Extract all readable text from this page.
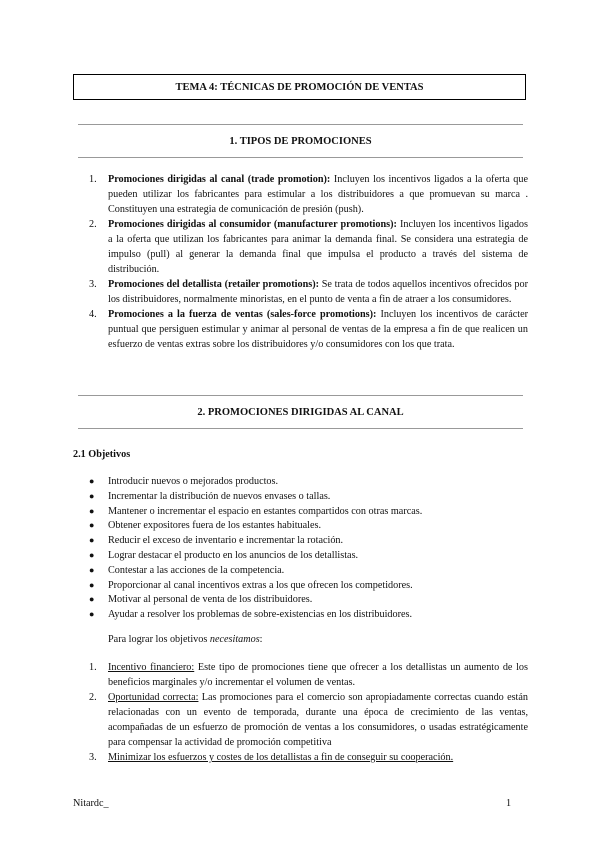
TEMA 4: TÉCNICAS DE PROMOCIÓN DE VENTAS
1. TIPOS DE PROMOCIONES
1. Promociones dirigidas al canal (trade promotion): Incluyen los incentivos ligados a la oferta que pueden utilizar los fabricantes para estimular a los distribuidores a que promuevan su marca . Constituyen una estrategia de comunicación de presión (push).
2. Promociones dirigidas al consumidor (manufacturer promotions): Incluyen los incentivos ligados a la oferta que utilizan los fabricantes para animar la demanda final. Se considera una estrategia de impulso (pull) al generar la demanda final que impulsa el producto a través del sistema de distribución.
3. Promociones del detallista (retailer promotions): Se trata de todos aquellos incentivos ofrecidos por los distribuidores, normalmente minoristas, en el punto de venta a fin de atraer a los consumidores.
4. Promociones a la fuerza de ventas (sales-force promotions): Incluyen los incentivos de carácter puntual que persiguen estimular y animar al personal de ventas de la empresa a fin de que realicen un esfuerzo de ventas extras sobre los distribuidores y/o consumidores con los que trata.
2. PROMOCIONES DIRIGIDAS AL CANAL
2.1 Objetivos
● Introducir nuevos o mejorados productos.
● Incrementar la distribución de nuevos envases o tallas.
● Mantener o incrementar el espacio en estantes compartidos con otras marcas.
● Obtener expositores fuera de los estantes habituales.
● Reducir el exceso de inventario e incrementar la rotación.
● Lograr destacar el producto en los anuncios de los detallistas.
● Contestar a las acciones de la competencia.
● Proporcionar al canal incentivos extras a los que ofrecen los competidores.
● Motivar al personal de venta de los distribuidores.
● Ayudar a resolver los problemas de sobre-existencias en los distribuidores.
Para lograr los objetivos necesitamos:
1. Incentivo financiero: Este tipo de promociones tiene que ofrecer a los detallistas un aumento de los beneficios marginales y/o incrementar el volumen de ventas.
2. Oportunidad correcta: Las promociones para el comercio son apropiadamente correctas cuando están relacionadas con un evento de temporada, durante una época de crecimiento de las ventas, acompañadas de un esfuerzo de promoción de ventas a los consumidores, o usadas estratégicamente para compensar la actividad de promoción competitiva
3. Minimizar los esfuerzos y costes de los detallistas a fin de conseguir su cooperación.
Nitardc_	1
